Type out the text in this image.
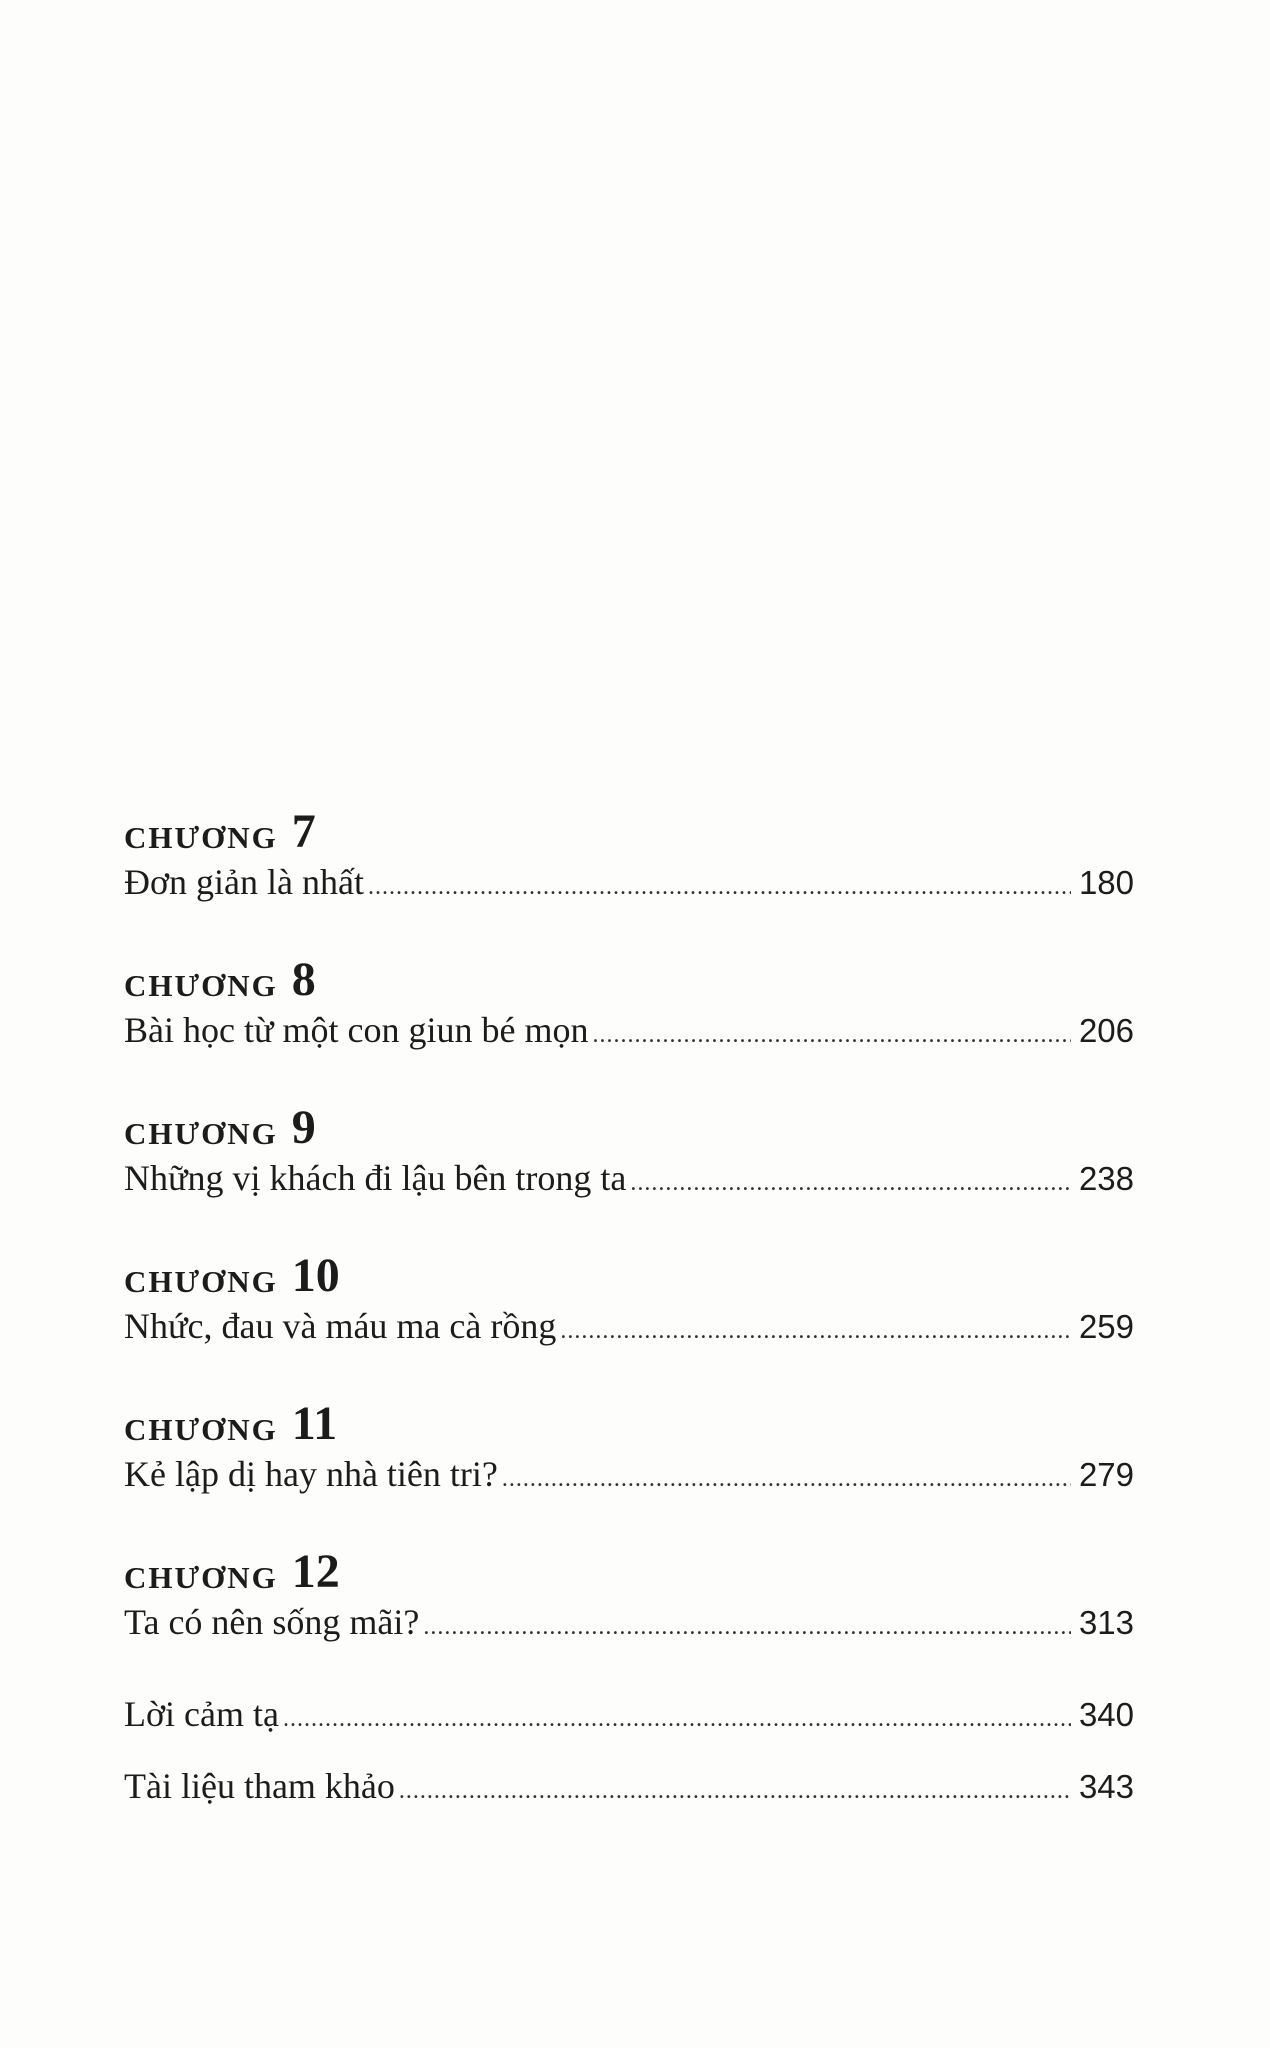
CHƯƠNG 7
Đơn giản là nhất .....	180
CHƯƠNG 8
Bài học từ một con giun bé mọn .....	206
CHƯƠNG 9
Những vị khách đi lậu bên trong ta .....	238
CHƯƠNG 10
Nhức, đau và máu ma cà rồng .....	259
CHƯƠNG 11
Kẻ lập dị hay nhà tiên tri? .....	279
CHƯƠNG 12
Ta có nên sống mãi? .....	313
Lời cảm tạ .....	340
Tài liệu tham khảo .....	343
